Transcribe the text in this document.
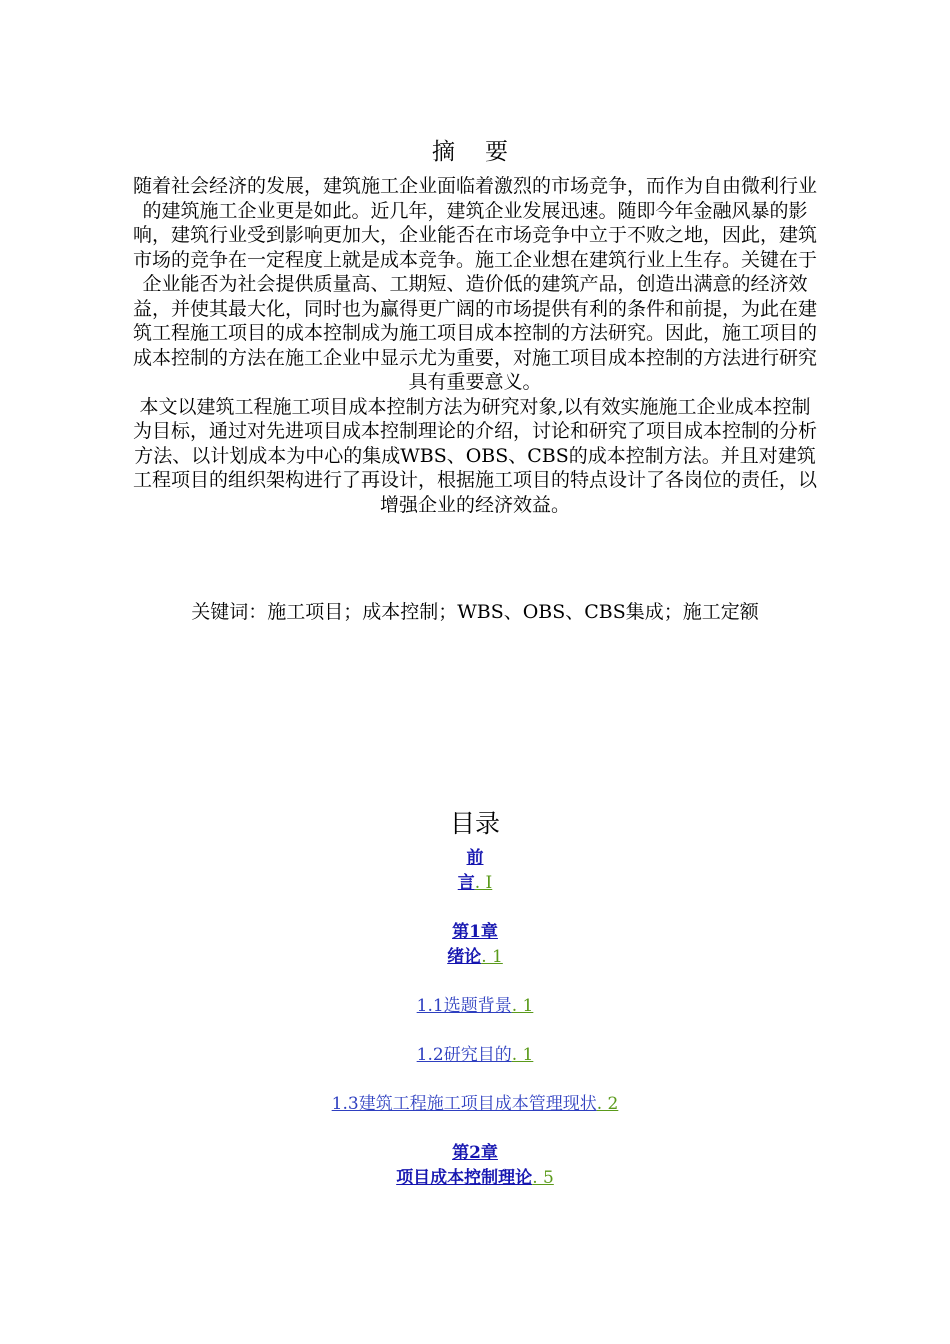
摘要

随着社会经济的发展，建筑施工企业面临着激烈的市场竞争，而作为自由微利行业的建筑施工企业更是如此。近几年，建筑企业发展迅速。随即今年金融风暴的影响，建筑行业受到影响更加大，企业能否在市场竞争中立于不败之地，因此，建筑市场的竞争在一定程度上就是成本竞争。施工企业想在建筑行业上生存。关键在于企业能否为社会提供质量高、工期短、造价低的建筑产品，创造出满意的经济效益，并使其最大化，同时也为赢得更广阔的市场提供有利的条件和前提，为此在建筑工程施工项目的成本控制成为施工项目成本控制的方法研究。因此，施工项目的成本控制的方法在施工企业中显示尤为重要，对施工项目成本控制的方法进行研究具有重要意义。

本文以建筑工程施工项目成本控制方法为研究对象,以有效实施施工企业成本控制为目标，通过对先进项目成本控制理论的介绍，讨论和研究了项目成本控制的分析方法、以计划成本为中心的集成WBS、OBS、CBS的成本控制方法。并且对建筑工程项目的组织架构进行了再设计，根据施工项目的特点设计了各岗位的责任，以增强企业的经济效益。

关键词：施工项目；成本控制；WBS、OBS、CBS集成；施工定额
目录
前
言. I
第1章
绪论. 1
1.1选题背景. 1
1.2研究目的. 1
1.3建筑工程施工项目成本管理现状. 2
第2章
项目成本控制理论. 5
